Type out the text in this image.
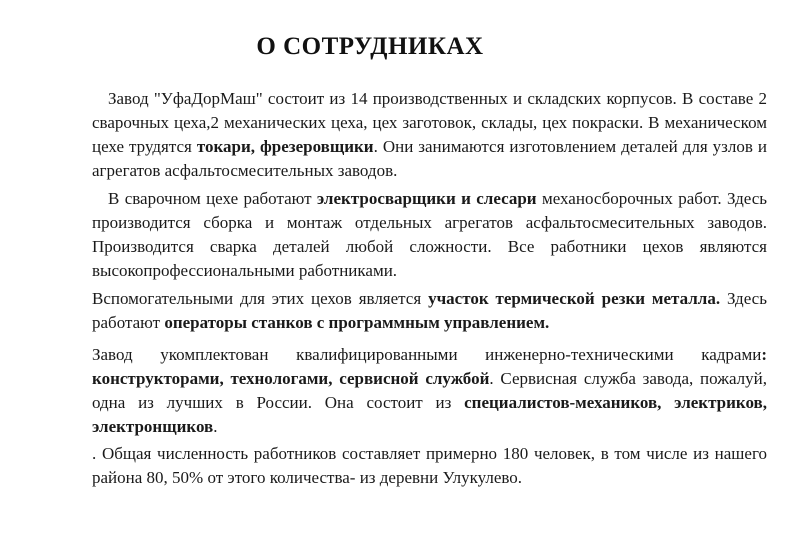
О СОТРУДНИКАХ

Завод "УфаДорМаш" состоит из 14 производственных и складских корпусов. В составе 2 сварочных цеха,2 механических цеха, цех заготовок, склады, цех покраски. В механическом цехе трудятся токари, фрезеровщики. Они занимаются изготовлением деталей для узлов и агрегатов асфальтосмесительных заводов.

В сварочном цехе работают электросварщики и слесари механосборочных работ. Здесь производится сборка и монтаж отдельных агрегатов асфальтосмесительных заводов. Производится сварка деталей любой сложности. Все работники цехов являются высокопрофессиональными работниками.

Вспомогательными для этих цехов является участок термической резки металла. Здесь работают операторы станков с программным управлением.

Завод укомплектован квалифицированными инженерно-техническими кадрами: конструкторами, технологами, сервисной службой. Сервисная служба завода, пожалуй, одна из лучших в России. Она состоит из специалистов-механиков, электриков, электронщиков.

. Общая численность работников составляет примерно 180 человек, в том числе из нашего района 80, 50% от этого количества- из деревни Улукулево.
